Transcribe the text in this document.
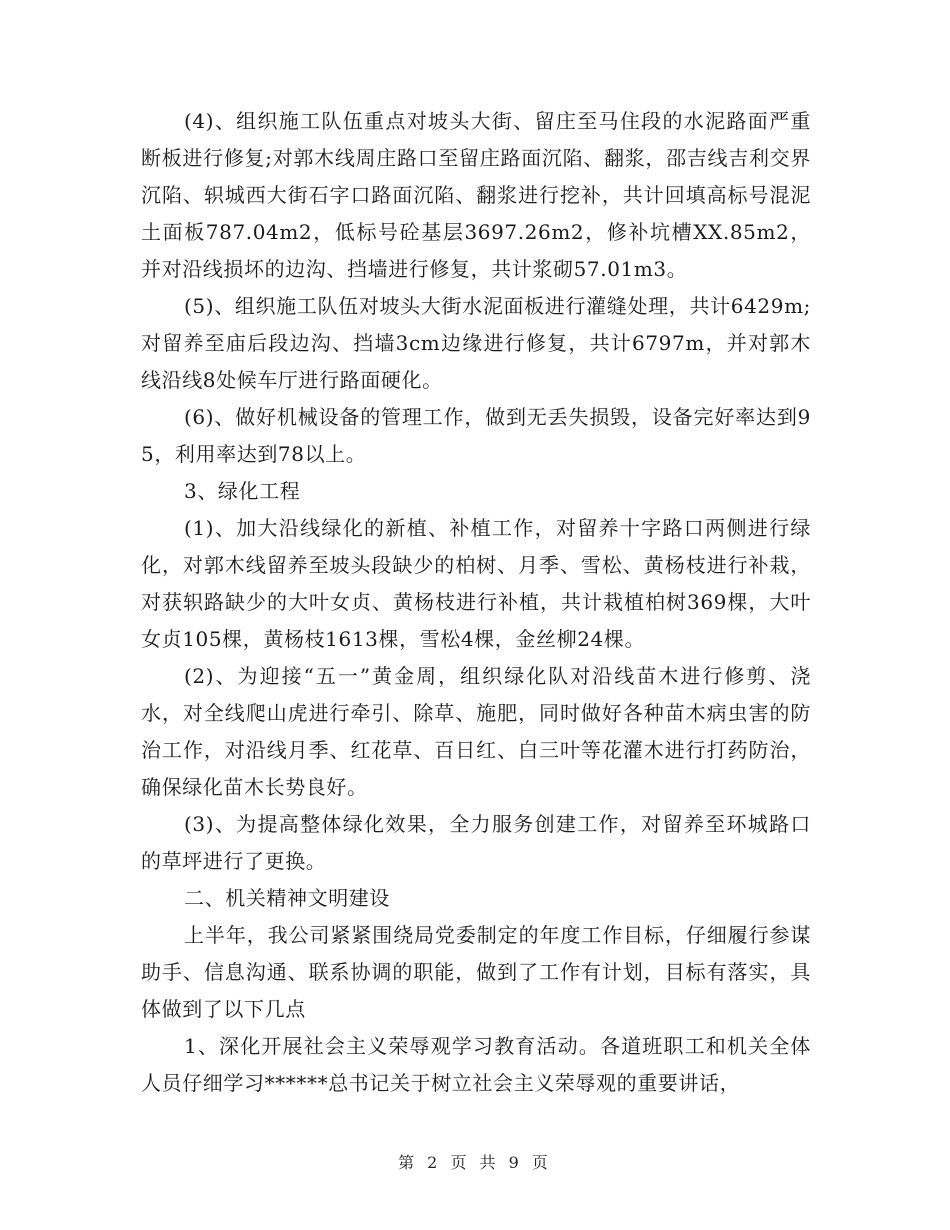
(4)、组织施工队伍重点对坡头大街、留庄至马住段的水泥路面严重断板进行修复;对郭木线周庄路口至留庄路面沉陷、翻浆，邵吉线吉利交界沉陷、轵城西大街石字口路面沉陷、翻浆进行挖补，共计回填高标号混泥土面板787.04m2，低标号砼基层3697.26m2，修补坑槽XX.85m2，并对沿线损坏的边沟、挡墙进行修复，共计浆砌57.01m3。

(5)、组织施工队伍对坡头大街水泥面板进行灌缝处理，共计6429m;对留养至庙后段边沟、挡墙3cm边缘进行修复，共计6797m，并对郭木线沿线8处候车厅进行路面硬化。

(6)、做好机械设备的管理工作，做到无丢失损毁，设备完好率达到95，利用率达到78以上。

3、绿化工程

(1)、加大沿线绿化的新植、补植工作，对留养十字路口两侧进行绿化，对郭木线留养至坡头段缺少的柏树、月季、雪松、黄杨枝进行补栽，对获轵路缺少的大叶女贞、黄杨枝进行补植，共计栽植柏树369棵，大叶女贞105棵，黄杨枝1613棵，雪松4棵，金丝柳24棵。

(2)、为迎接“五一”黄金周，组织绿化队对沿线苗木进行修剪、浇水，对全线爬山虎进行牵引、除草、施肥，同时做好各种苗木病虫害的防治工作，对沿线月季、红花草、百日红、白三叶等花灌木进行打药防治，确保绿化苗木长势良好。

(3)、为提高整体绿化效果，全力服务创建工作，对留养至环城路口的草坪进行了更换。

二、机关精神文明建设

上半年，我公司紧紧围绕局党委制定的年度工作目标，仔细履行参谋助手、信息沟通、联系协调的职能，做到了工作有计划，目标有落实，具体做到了以下几点

1、深化开展社会主义荣辱观学习教育活动。各道班职工和机关全体人员仔细学习******总书记关于树立社会主义荣辱观的重要讲话，

第 2 页 共 9 页
